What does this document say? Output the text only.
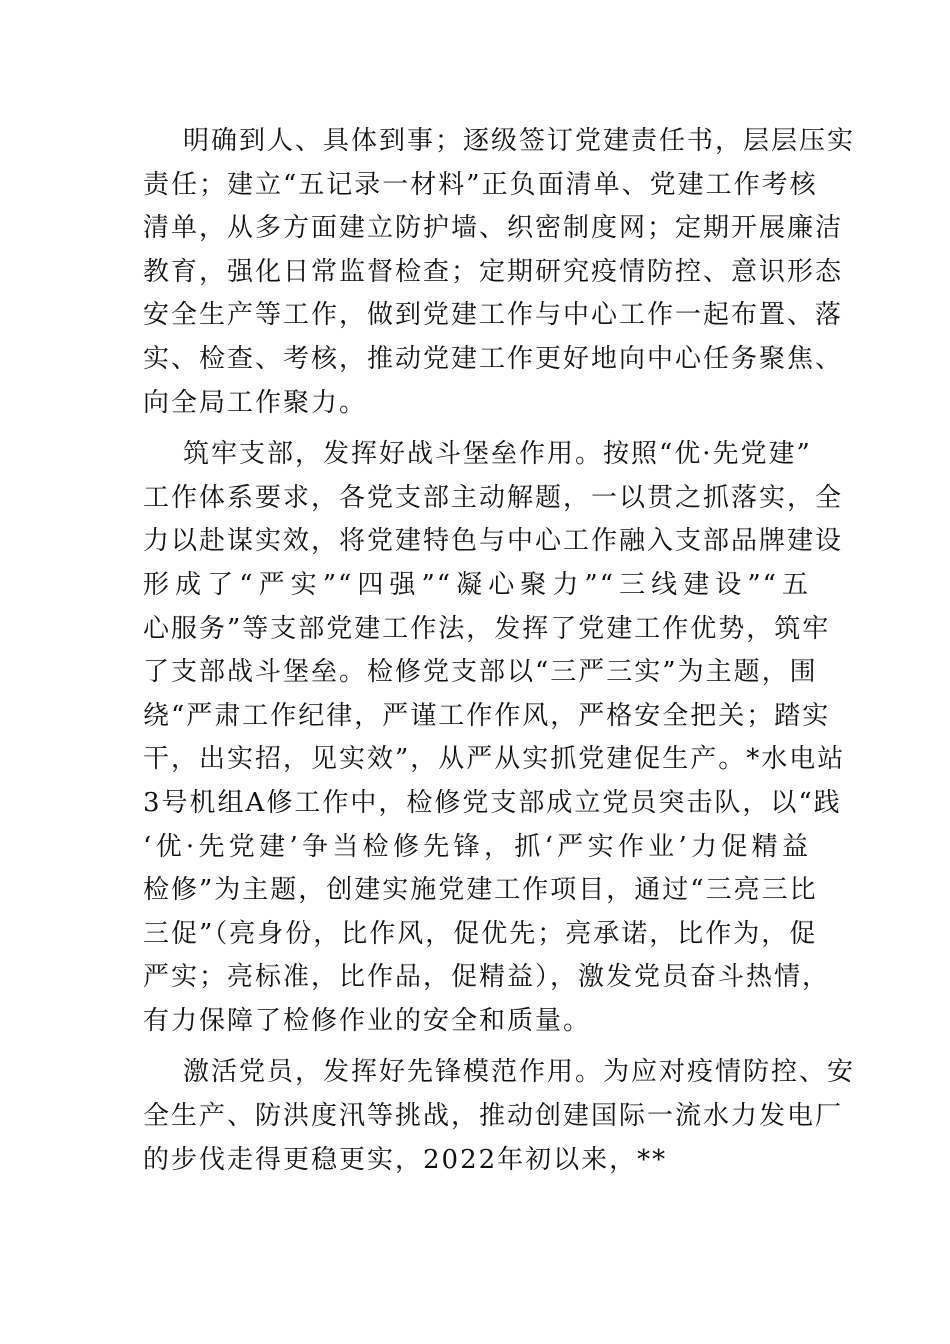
明确到人、具体到事；逐级签订党建责任书，层层压实
责任；建立“五记录一材料”正负面清单、党建工作考核
清单，从多方面建立防护墙、织密制度网；定期开展廉洁
教育，强化日常监督检查；定期研究疫情防控、意识形态
安全生产等工作，做到党建工作与中心工作一起布置、落
实、检查、考核，推动党建工作更好地向中心任务聚焦、
向全局工作聚力。
筑牢支部，发挥好战斗堡垒作用。按照“优·先党建”
工作体系要求，各党支部主动解题，一以贯之抓落实，全
力以赴谋实效，将党建特色与中心工作融入支部品牌建设
形成了“严实”“四强”“凝心聚力”“三线建设”“五
心服务”等支部党建工作法，发挥了党建工作优势，筑牢
了支部战斗堡垒。检修党支部以“三严三实”为主题，围
绕“严肃工作纪律，严谨工作作风，严格安全把关；踏实
干，出实招，见实效”，从严从实抓党建促生产。*水电站
3号机组A修工作中，检修党支部成立党员突击队，以“践
‘优·先党建’争当检修先锋，抓‘严实作业’力促精益
检修”为主题，创建实施党建工作项目，通过“三亮三比
三促”（亮身份，比作风，促优先；亮承诺，比作为，促
严实；亮标准，比作品，促精益），激发党员奋斗热情，
有力保障了检修作业的安全和质量。
激活党员，发挥好先锋模范作用。为应对疫情防控、安
全生产、防洪度汛等挑战，推动创建国际一流水力发电厂
的步伐走得更稳更实，2022年初以来，**
